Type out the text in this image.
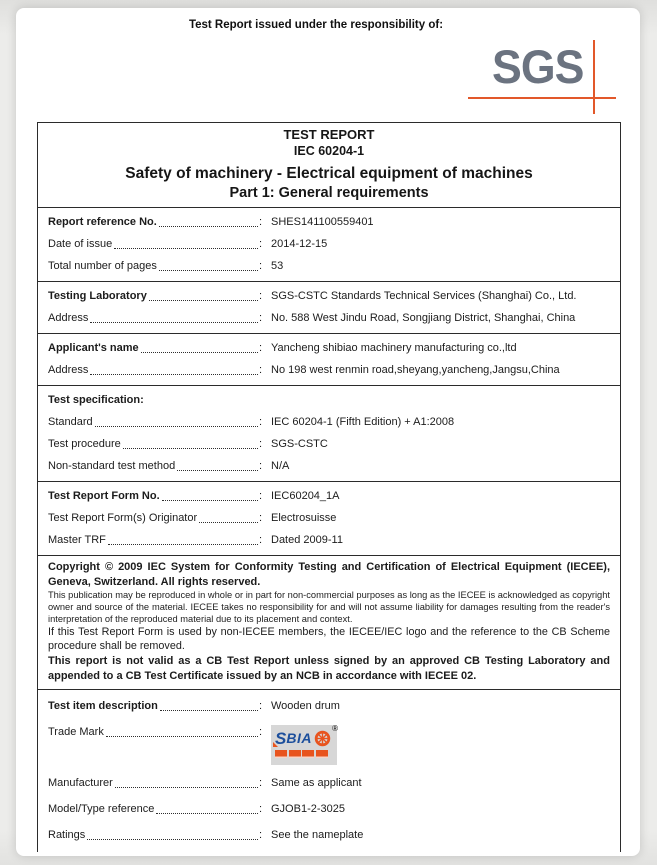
Test Report issued under the responsibility of:
SGS
TEST REPORT
IEC 60204-1
Safety of machinery - Electrical equipment of machines
Part 1: General requirements
Report reference No.	: SHES141100559401
Date of issue	: 2014-12-15
Total number of pages	: 53
Testing Laboratory	: SGS-CSTC Standards Technical Services (Shanghai) Co., Ltd.
Address	: No. 588 West Jindu Road, Songjiang District, Shanghai, China
Applicant's name	: Yancheng shibiao machinery manufacturing co.,ltd
Address	: No 198 west renmin road,sheyang,yancheng,Jangsu,China
Test specification:
Standard	: IEC 60204-1 (Fifth Edition) + A1:2008
Test procedure	: SGS-CSTC
Non-standard test method	: N/A
Test Report Form No.	: IEC60204_1A
Test Report Form(s) Originator	: Electrosuisse
Master TRF	: Dated 2009-11
Copyright © 2009 IEC System for Conformity Testing and Certification of Electrical Equipment (IECEE), Geneva, Switzerland. All rights reserved.
This publication may be reproduced in whole or in part for non-commercial purposes as long as the IECEE is acknowledged as copyright owner and source of the material. IECEE takes no responsibility for and will not assume liability for damages resulting from the reader's interpretation of the reproduced material due to its placement and context.
If this Test Report Form is used by non-IECEE members, the IECEE/IEC logo and the reference to the CB Scheme procedure shall be removed.
This report is not valid as a CB Test Report unless signed by an approved CB Testing Laboratory and appended to a CB Test Certificate issued by an NCB in accordance with IECEE 02.
Test item description	: Wooden drum
Trade Mark	:	®
S BIA
Manufacturer	: Same as applicant
Model/Type reference	: GJOB1-2-3025
Ratings	: See the nameplate
